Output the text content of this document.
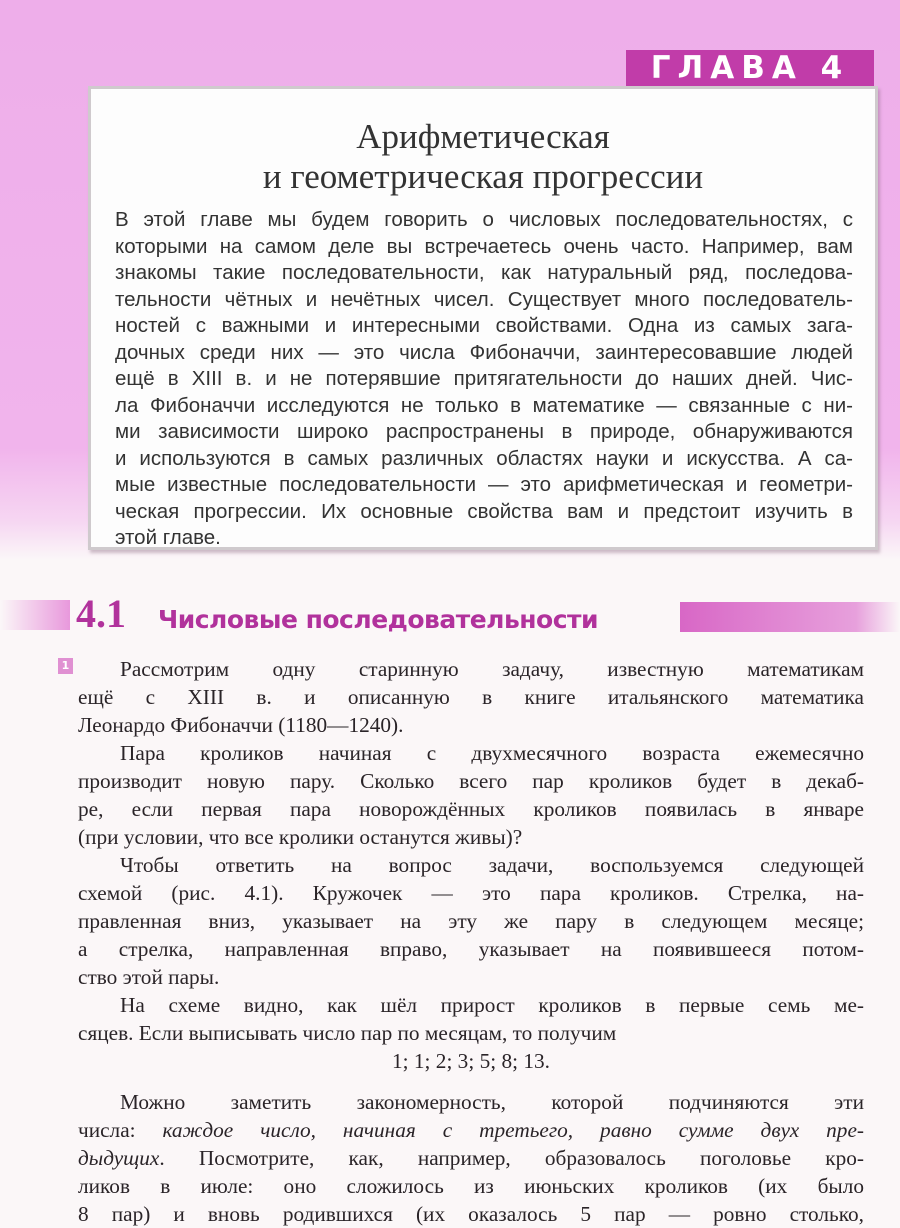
ГЛАВА 4
Арифметическая
и геометрическая прогрессии
В этой главе мы будем говорить о числовых последовательностях, с
которыми на самом деле вы встречаетесь очень часто. Например, вам
знакомы такие последовательности, как натуральный ряд, последова-
тельности чётных и нечётных чисел. Существует много последователь-
ностей с важными и интересными свойствами. Одна из самых зага-
дочных среди них — это числа Фибоначчи, заинтересовавшие людей
ещё в XIII в. и не потерявшие притягательности до наших дней. Чис-
ла Фибоначчи исследуются не только в математике — связанные с ни-
ми зависимости широко распространены в природе, обнаруживаются
и используются в самых различных областях науки и искусства. А са-
мые известные последовательности — это арифметическая и геометри-
ческая прогрессии. Их основные свойства вам и предстоит изучить в
этой главе.
4.1 Числовые последовательности
1	Рассмотрим одну старинную задачу, известную математикам
ещё с XIII в. и описанную в книге итальянского математика
Леонардо Фибоначчи (1180—1240).
Пара кроликов начиная с двухмесячного возраста ежемесячно
производит новую пару. Сколько всего пар кроликов будет в декаб-
ре, если первая пара новорождённых кроликов появилась в январе
(при условии, что все кролики останутся живы)?
Чтобы ответить на вопрос задачи, воспользуемся следующей
схемой (рис. 4.1). Кружочек — это пара кроликов. Стрелка, на-
правленная вниз, указывает на эту же пару в следующем месяце;
а стрелка, направленная вправо, указывает на появившееся потом-
ство этой пары.
На схеме видно, как шёл прирост кроликов в первые семь ме-
сяцев. Если выписывать число пар по месяцам, то получим
1; 1; 2; 3; 5; 8; 13.
Можно заметить закономерность, которой подчиняются эти
числа: каждое число, начиная с третьего, равно сумме двух пре-
дыдущих. Посмотрите, как, например, образовалось поголовье кро-
ликов в июле: оно сложилось из июньских кроликов (их было
8 пар) и вновь родившихся (их оказалось 5 пар — ровно столько,
